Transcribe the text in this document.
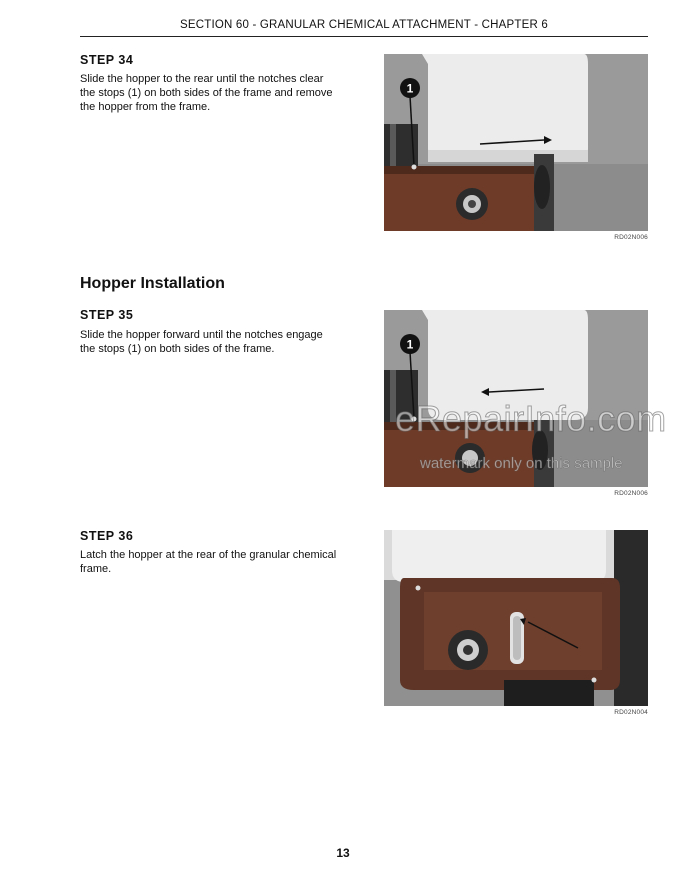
SECTION 60 - GRANULAR CHEMICAL ATTACHMENT - CHAPTER 6
STEP 34
Slide the hopper to the rear until the notches clear
the stops (1) on both sides of the frame and remove
the hopper from the frame.
1
RD02N006
Hopper Installation
STEP 35
Slide the hopper forward until the notches engage
the stops (1) on both sides of the frame.	1
RD02N006
STEP 36
Latch the hopper at the rear of the granular chemical
frame.
RD02N004
eRepairInfo.com
watermark only on this sample
13
